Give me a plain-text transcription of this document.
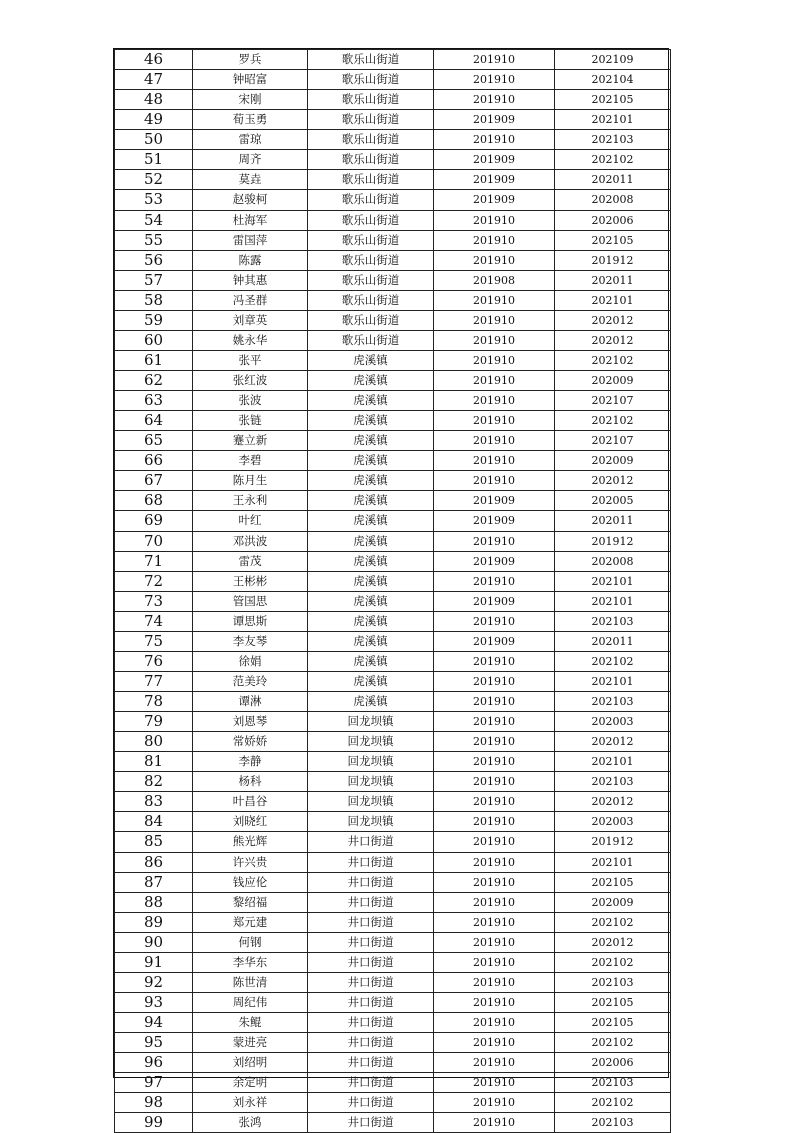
46	罗兵	歌乐山街道	201910	202109
47	钟昭富	歌乐山街道	201910	202104
48	宋刚	歌乐山街道	201910	202105
49	荀玉勇	歌乐山街道	201909	202101
50	雷琼	歌乐山街道	201910	202103
51	周齐	歌乐山街道	201909	202102
52	莫垚	歌乐山街道	201909	202011
53	赵骏柯	歌乐山街道	201909	202008
54	杜海军	歌乐山街道	201910	202006
55	雷国萍	歌乐山街道	201910	202105
56	陈露	歌乐山街道	201910	201912
57	钟其惠	歌乐山街道	201908	202011
58	冯圣群	歌乐山街道	201910	202101
59	刘章英	歌乐山街道	201910	202012
60	姚永华	歌乐山街道	201910	202012
61	张平	虎溪镇	201910	202102
62	张红波	虎溪镇	201910	202009
63	张波	虎溪镇	201910	202107
64	张链	虎溪镇	201910	202102
65	蹇立新	虎溪镇	201910	202107
66	李碧	虎溪镇	201910	202009
67	陈月生	虎溪镇	201910	202012
68	王永利	虎溪镇	201909	202005
69	叶红	虎溪镇	201909	202011
70	邓洪波	虎溪镇	201910	201912
71	雷茂	虎溪镇	201909	202008
72	王彬彬	虎溪镇	201910	202101
73	管国思	虎溪镇	201909	202101
74	谭思斯	虎溪镇	201910	202103
75	李友琴	虎溪镇	201909	202011
76	徐娟	虎溪镇	201910	202102
77	范美玲	虎溪镇	201910	202101
78	谭淋	虎溪镇	201910	202103
79	刘恩琴	回龙坝镇	201910	202003
80	常娇娇	回龙坝镇	201910	202012
81	李静	回龙坝镇	201910	202101
82	杨科	回龙坝镇	201910	202103
83	叶昌谷	回龙坝镇	201910	202012
84	刘晓红	回龙坝镇	201910	202003
85	熊光辉	井口街道	201910	201912
86	许兴贵	井口街道	201910	202101
87	钱应伦	井口街道	201910	202105
88	黎绍福	井口街道	201910	202009
89	郑元建	井口街道	201910	202102
90	何钢	井口街道	201910	202012
91	李华东	井口街道	201910	202102
92	陈世清	井口街道	201910	202103
93	周纪伟	井口街道	201910	202105
94	朱鲲	井口街道	201910	202105
95	蒙进亮	井口街道	201910	202102
96	刘绍明	井口街道	201910	202006
97	余定明	井口街道	201910	202103
98	刘永祥	井口街道	201910	202102
99	张鸿	井口街道	201910	202103
